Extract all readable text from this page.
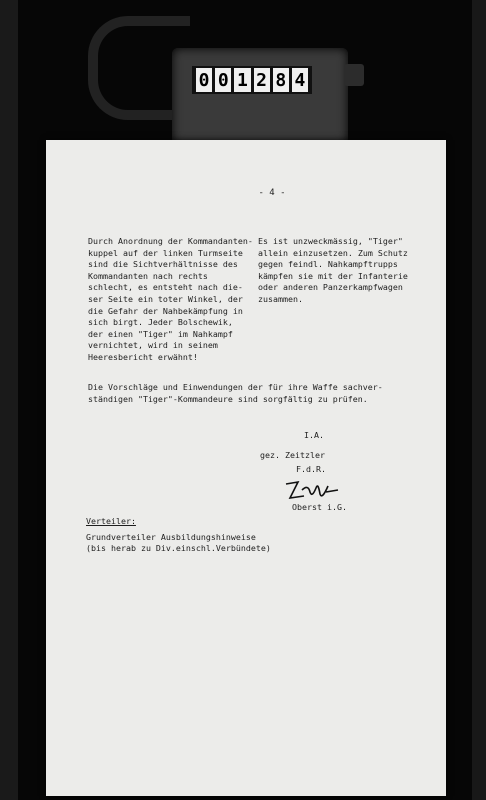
0 0 1 2 8 4
- 4 -
Durch Anordnung der Kommandanten-
kuppel auf der linken Turmseite
sind die Sichtverhältnisse des
Kommandanten nach rechts
schlecht, es entsteht nach die-
ser Seite ein toter Winkel, der
die Gefahr der Nahbekämpfung in
sich birgt. Jeder Bolschewik,
der einen "Tiger" im Nahkampf
vernichtet, wird in seinem
Heeresbericht erwähnt!
Es ist unzweckmässig, "Tiger"
allein einzusetzen. Zum Schutz
gegen feindl. Nahkampftrupps
kämpfen sie mit der Infanterie
oder anderen Panzerkampfwagen
zusammen.
Die Vorschläge und Einwendungen der für ihre Waffe sachver-
ständigen "Tiger"-Kommandeure sind sorgfältig zu prüfen.
I.A.
gez. Zeitzler
F.d.R.
Oberst i.G.
Verteiler:
Grundverteiler Ausbildungshinweise
(bis herab zu Div.einschl.Verbündete)
